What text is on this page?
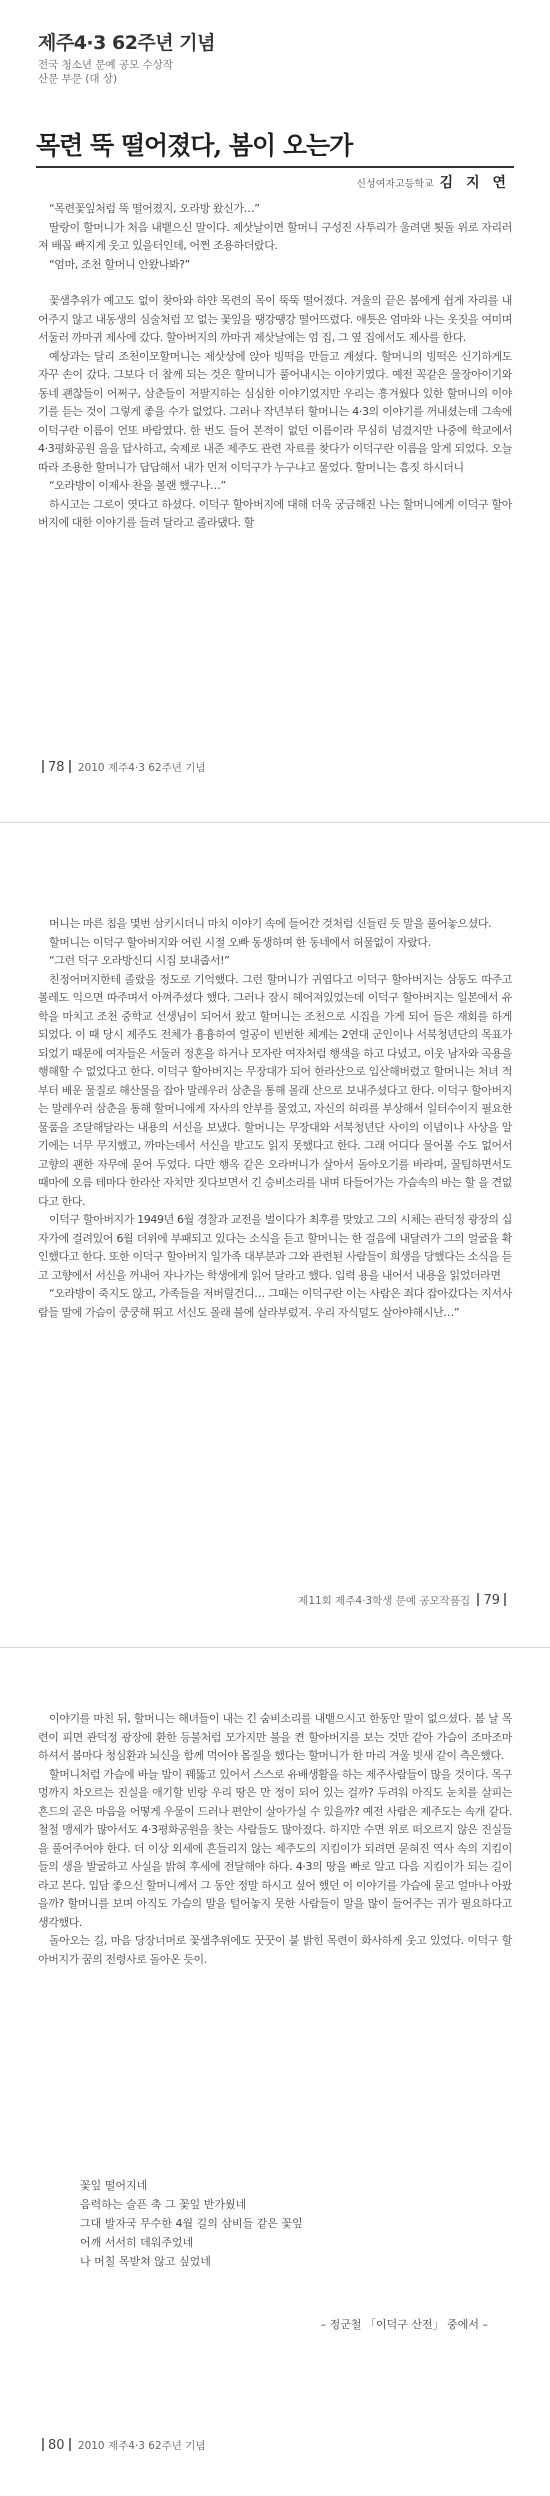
제주4·3 62주년 기념
전국 청소년 문예 공모 수상작
산문 부문 (대 상)
목련 뚝 떨어졌다, 봄이 오는가
신성여자고등학교 김 지 연

“목련꽃잎처럼 뚝 떨어졌지, 오라방 왔신가…”

딸랑이 할머니가 처음 내뱉으신 말이다. 제삿날이면 할머니 구성진 사투리가 울려댄 툇돌 위로 자리러져 배꼽 빠지게 웃고 있을터인데, 어쩐 조용하더랐다.

“엄마, 조천 할머니 안왔나봐?”

꽃샘추위가 예고도 없이 찾아와 하얀 목련의 목이 뚝뚝 떨어졌다. 겨울의 끝은 봄에게 쉽게 자리를 내어주지 않고 내동생의 심술처럼 꼬 없는 꽃잎을 땡강땡강 떨어뜨렸다. 애틋은 엄마와 나는 옷짓을 여미며 서둘러 까마귀 제사에 갔다. 할아버지의 까마귀 제삿날에는 엄 집, 그 옆 집에서도 제사를 한다.

예상과는 달리 조천이모할머니는 제삿상에 앉아 빙떡을 만들고 계셨다. 할머니의 빙떡은 신기하게도 자꾸 손이 갔다. 그보다 더 참께 되는 것은 할머니가 풀어내시는 이야기였다. 예전 꼭같은 물장아이기와 동네 괜찮들이 어쩌구, 삼춘들이 저팔지하는 심심한 이야기였지만 우리는 흥겨웠다 있한 할머니의 이야기를 듣는 것이 그렇게 좋을 수가 없었다. 그러나 작년부터 할머니는 4·3의 이야기를 꺼내셨는데 그속에 이덕구란 이름이 언또 바람였다. 한 번도 들어 본적이 없던 이름이라 무심히 넘겼지만 나중에 학교에서 4·3평화공원 을을 답사하고, 숙제로 내준 제주도 관련 자료를 찾다가 이덕구란 이름을 알게 되었다. 오늘따라 조용한 할머니가 답답해서 내가 먼저 이덕구가 누구냐고 물었다. 할머니는 흠짓 하시더니

“오라방이 이제사 찬을 볼랜 했구나…”

하시고는 그로이 엿다고 하셨다. 이덕구 할아버지에 대해 더욱 궁금해진 나는 할머니에게 이덕구 할아버지에 대한 이야기를 들려 달라고 졸라댔다. 할

78 2010 제주4·3 62주년 기념

머니는 마른 침을 몇번 삼키시더니 마치 이야기 속에 들어간 것처럼 신들린 듯 말을 풀어놓으셨다.

할머니는 이덕구 할아버지와 어린 시절 오빠 동생하며 한 동네에서 허물없이 자랐다.

“그런 덕구 오라방신디 시집 보내줍서!”

친정어머지한테 졸랐을 정도로 기억했다. 그런 할머니가 귀엽다고 이덕구 할아버지는 삼동도 따주고 볼레도 익으면 따주며서 아껴주셨다 했다. 그러나 잠시 헤어져있었는데 이덕구 할아버지는 일본에서 유학을 마치고 조천 중학교 선생님이 되어서 왔고 할머니는 조천으로 시집을 가게 되어 들은 재회를 하게 되었다. 이 때 당시 제주도 전체가 흉흉하여 얼공이 빈번한 체계는 2연대 군인이나 서북청년단의 목표가 되었기 때문에 여자들은 서둘러 정혼을 하거나 모자란 여자처럼 행색을 하고 다녔고, 이웃 남자와 곡용을 행해할 수 없었다고 한다. 이덕구 할아버지는 무장대가 되어 한라산으로 입산해버렸고 할머니는 처녀 적부터 배운 물질로 해산물을 잡아 말레우러 삼춘을 통해 몰래 산으로 보내주셨다고 한다. 이덕구 할아버지는 말레우러 삼춘을 통해 할머니에게 자사의 안부를 물었고, 자신의 허리를 부상해서 일터수이지 필요한 물품을 조달해달라는 내용의 서신을 보냈다. 할머니는 무장대와 서북청년단 사이의 이념이나 사상을 알기에는 너무 무지했고, 까마는데서 서신을 받고도 읽지 못했다고 한다. 그래 어디다 물어볼 수도 없어서 고향의 괜한 자무에 묻어 두었다. 다만 행옥 같은 오라버니가 살아서 돌아오기를 바라며, 꿀팀하면서도 때마에 오름 테마다 한라산 자치만 짓다보면서 긴 승비소리를 내며 타들어가는 가슴속의 바는 할 을 견없다고 한다.

이덕구 할아버지가 1949년 6월 경찰과 교전을 벌이다가 최후를 맞았고 그의 시체는 관덕정 광장의 십자가에 걸려있어 6월 더위에 부패되고 있다는 소식을 듣고 할머니는 한 걸음에 내달려가 그의 얼굴을 확인했다고 한다. 또한 이덕구 할아버지 일가족 대부분과 그와 관련된 사람들이 희생을 당했다는 소식을 듣고 고향에서 서신을 꺼내어 자나가는 학생에게 읽어 달라고 했다. 입력 용을 내어서 내용을 읽었더라면

“오라방이 죽지도 않고, 가족들을 저버릴건디… 그때는 이덕구란 이는 사람은 죄다 잡아갔다는 지서사람들 말에 가슴이 쿵쿵해 뛰고 서신도 몰래 불에 살라부렀져. 우리 자식덜도 살아야해시난…”

제11회 제주4·3학생 문예 공모작품집 79

이야기를 마친 뒤, 할머니는 해녀들이 내는 긴 숨비소리를 내뱉으시고 한동안 말이 없으셨다. 봄 날 목련이 피면 관덕정 광장에 환한 등불처럼 모가지만 불을 켠 할아버지를 보는 것만 같아 가슴이 조마조마 하셔서 봄마다 청심환과 뇌신을 함께 먹어야 몸질을 했다는 할머니가 한 마리 겨울 빗새 같이 측은했다.

할머니처럼 가슴에 바늘 밤이 꿰뚫고 있어서 스스로 유배생활을 하는 제주사람들이 많을 것이다. 목구멍까지 차오르는 진실을 애기할 빈랑 우리 땅은 만 정이 되어 있는 걸까? 두려워 아직도 눈치를 살피는 흔드의 곧은 마음을 어떻게 우물이 드러나 편안이 살아가실 수 있을까? 예전 사람은 제주도는 속개 같다. 철철 맹세가 많아서도 4·3평화공원을 찾는 사람들도 많아졌다. 하지만 수면 위로 떠오르지 않은 진실들을 풀어주어야 한다. 더 이상 외세에 흔들리지 않는 제주도의 지킴이가 되려면 묻혀진 역사 속의 지킴이들의 생을 발굴하고 사실을 밝혀 후세에 전달해야 하다. 4·3의 땅을 빠로 알고 다음 지킴이가 되는 길이라고 본다. 입담 좋으신 할머니께서 그 동안 정말 하시고 싶어 했던 이 이야기를 가슴에 묻고 얼마나 아팠을까? 할머니를 보며 아직도 가슴의 말을 털어놓지 못한 사람들이 말을 많이 들어주는 귀가 필요하다고 생각했다.

돌아오는 길, 마음 당장너머로 꽃샘추위에도 꿋꿋이 붙 밝힌 목련이 화사하게 웃고 있었다. 이덕구 할아버지가 꿈의 전령사로 돌아온 듯이.

꽃잎 떨어지네
음력하는 슬픈 축 그 꽃잎 반가웠네
그대 발자국 무수한 4월 길의 삼비들 같은 꽃잎
어깨 서서히 데워주었네
나 머칠 목받쳐 않고 싶었네
– 정군철 「이덕구 산전」 중에서 –
80 2010 제주4·3 62주년 기념
